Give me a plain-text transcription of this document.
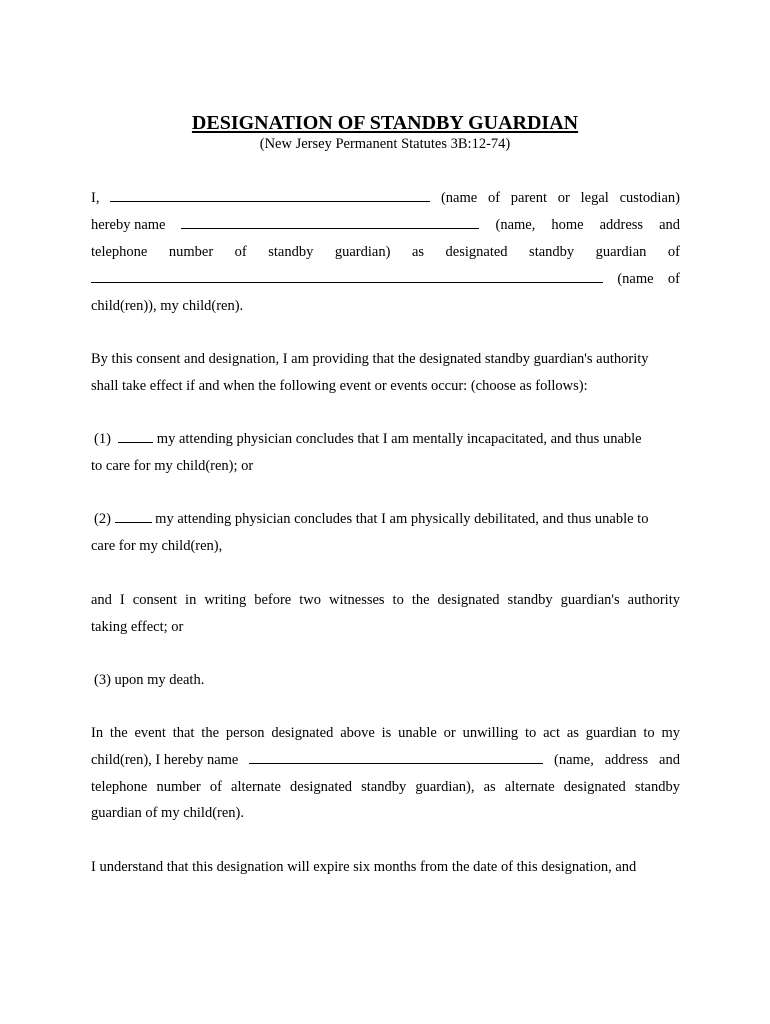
DESIGNATION OF STANDBY GUARDIAN
(New Jersey Permanent Statutes 3B:12-74)
I,	(name of parent or legal custodian)
hereby name	(name, home address and
telephone number of standby guardian) as designated standby guardian of
(name of
child(ren)), my child(ren).
By this consent and designation, I am providing that the designated standby guardian's authority
shall take effect if and when the following event or events occur: (choose as follows):
(1)	my attending physician concludes that I am mentally incapacitated, and thus unable
to care for my child(ren); or
(2)	my attending physician concludes that I am physically debilitated, and thus unable to
care for my child(ren),
and I consent in writing before two witnesses to the designated standby guardian's authority
taking effect; or
(3) upon my death.
In the event that the person designated above is unable or unwilling to act as guardian to my
child(ren), I hereby name	(name, address and
telephone number of alternate designated standby guardian), as alternate designated standby
guardian of my child(ren).
I understand that this designation will expire six months from the date of this designation, and
